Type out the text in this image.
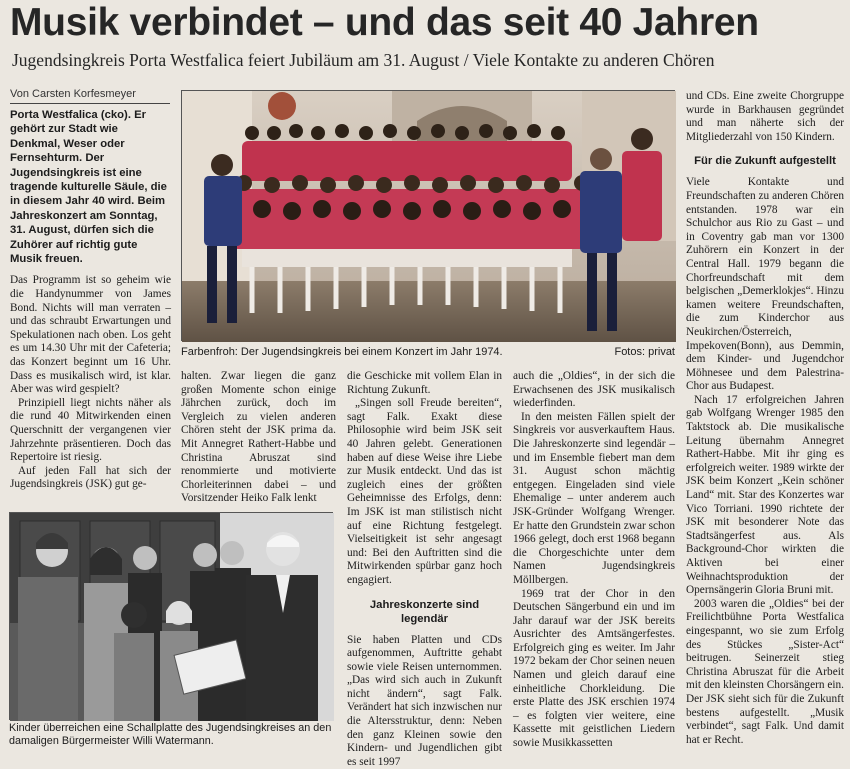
Musik verbindet – und das seit 40 Jahren
Jugendsingkreis Porta Westfalica feiert Jubiläum am 31. August / Viele Kontakte zu anderen Chören
Von Carsten Korfesmeyer
Porta Westfalica (cko). Er gehört zur Stadt wie Denkmal, Weser oder Fernsehturm. Der Jugendsingkreis ist eine tragende kulturelle Säule, die in diesem Jahr 40 wird. Beim Jahreskonzert am Sonntag, 31. August, dürfen sich die Zuhörer auf richtig gute Musik freuen.

Das Programm ist so geheim wie die Handynummer von James Bond. Nichts will man verraten – und das schraubt Erwartungen und Spekulationen nach oben. Los geht es um 14.30 Uhr mit der Cafeteria; das Konzert beginnt um 16 Uhr. Dass es musikalisch wird, ist klar. Aber was wird gespielt?

Prinzipiell liegt nichts näher als die rund 40 Mitwirkenden einen Querschnitt der vergangenen vier Jahrzehnte präsentieren. Doch das Repertoire ist riesig.

Auf jeden Fall hat sich der Jugendsingkreis (JSK) gut ge-

Farbenfroh: Der Jugendsingkreis bei einem Konzert im Jahr 1974.	Fotos: privat

halten. Zwar liegen die ganz großen Momente schon einige Jährchen zurück, doch im Vergleich zu vielen anderen Chören steht der JSK prima da. Mit Annegret Rathert-Habbe und Christina Abruszat sind renommierte und motivierte Chorleiterinnen dabei – und Vorsitzender Heiko Falk lenkt

die Geschicke mit vollem Elan in Richtung Zukunft.

„Singen soll Freude bereiten“, sagt Falk. Exakt diese Philosophie wird beim JSK seit 40 Jahren gelebt. Generationen haben auf diese Weise ihre Liebe zur Musik entdeckt. Und das ist zugleich eines der größten Geheimnisse des Erfolgs, denn: Im JSK ist man stilistisch nicht auf eine Richtung festgelegt. Vielseitigkeit ist sehr angesagt und: Bei den Auftritten sind die Mitwirkenden spürbar ganz hoch engagiert.

Jahreskonzerte sind legendär

Sie haben Platten und CDs aufgenommen, Auftritte gehabt sowie viele Reisen unternommen. „Das wird sich auch in Zukunft nicht ändern“, sagt Falk. Verändert hat sich inzwischen nur die Altersstruktur, denn: Neben den ganz Kleinen sowie den Kindern- und Jugendlichen gibt es seit 1997

auch die „Oldies“, in der sich die Erwachsenen des JSK musikalisch wiederfinden.

In den meisten Fällen spielt der Singkreis vor ausverkauftem Haus. Die Jahreskonzerte sind legendär – und im Ensemble fiebert man dem 31. August schon mächtig entgegen. Eingeladen sind viele Ehemalige – unter anderem auch JSK-Gründer Wolfgang Wrenger. Er hatte den Grundstein zwar schon 1966 gelegt, doch erst 1968 begann die Chorgeschichte unter dem Namen Jugendsingkreis Möllbergen.

1969 trat der Chor in den Deutschen Sängerbund ein und im Jahr darauf war der JSK bereits Ausrichter des Amtsängerfestes. Erfolgreich ging es weiter. Im Jahr 1972 bekam der Chor seinen neuen Namen und gleich darauf eine einheitliche Chorkleidung. Die erste Platte des JSK erschien 1974 – es folgten vier weitere, eine Kassette mit geistlichen Liedern sowie Musikkassetten

und CDs. Eine zweite Chorgruppe wurde in Barkhausen gegründet und man näherte sich der Mitgliederzahl von 150 Kindern.

Für die Zukunft aufgestellt

Viele Kontakte und Freundschaften zu anderen Chören entstanden. 1978 war ein Schulchor aus Rio zu Gast – und in Coventry gab man vor 1300 Zuhörern ein Konzert in der Central Hall. 1979 begann die Chorfreundschaft mit dem belgischen „Demerklokjes“. Hinzu kamen weitere Freundschaften, die zum Kinderchor aus Neukirchen/Österreich, Impekoven(Bonn), aus Demmin, dem Kinder- und Jugendchor Möhnesee und dem Palestrina-Chor aus Budapest.

Nach 17 erfolgreichen Jahren gab Wolfgang Wrenger 1985 den Taktstock ab. Die musikalische Leitung übernahm Annegret Rathert-Habbe. Mit ihr ging es erfolgreich weiter. 1989 wirkte der JSK beim Konzert „Kein schöner Land“ mit. Star des Konzertes war Vico Torriani. 1990 richtete der JSK mit besonderer Note das Stadtsängerfest aus. Als Background-Chor wirkten die Aktiven bei einer Weihnachtsproduktion der Opernsängerin Gloria Bruni mit.

2003 waren die „Oldies“ bei der Freilichtbühne Porta Westfalica eingespannt, wo sie zum Erfolg des Stückes „Sister-Act“ beitrugen. Seinerzeit stieg Christina Abruszat für die Arbeit mit den kleinsten Chorsängern ein. Der JSK sieht sich für die Zukunft bestens aufgestellt. „Musik verbindet“, sagt Falk. Und damit hat er Recht.

Kinder überreichen eine Schallplatte des Jugendsingkreises an den damaligen Bürgermeister Willi Watermann.
